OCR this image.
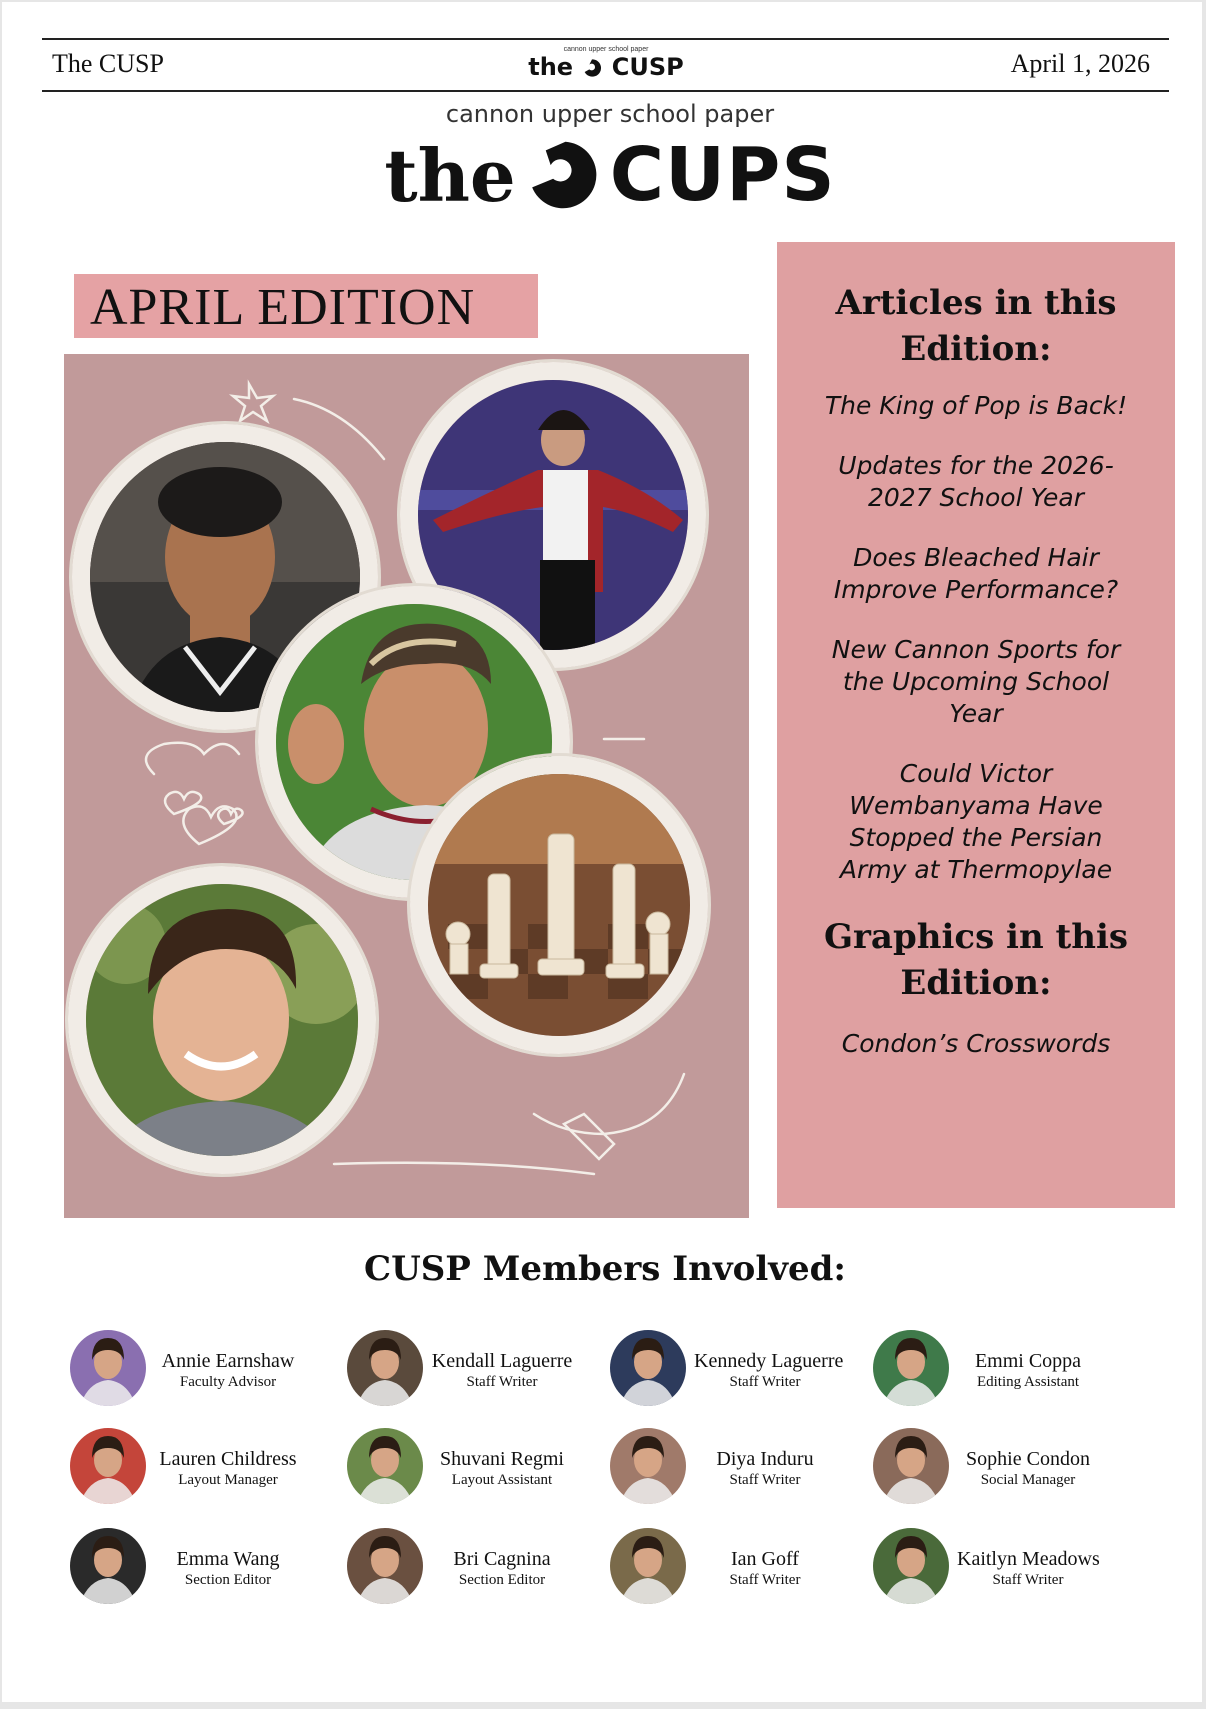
The CUSP	cannon upper school paper
the CUSP	April 1, 2026
cannon upper school paper
the CUPS
APRIL EDITION	Articles in this Edition:

The King of Pop is Back!

Updates for the 2026-2027 School Year

Does Bleached Hair Improve Performance?

New Cannon Sports for the Upcoming School Year

Could Victor Wembanyama Have Stopped the Persian Army at Thermopylae

Graphics in this Edition:

Condon’s Crosswords

CUSP Members Involved:
Annie Earnshaw
Faculty Advisor
Kendall Laguerre
Staff Writer
Kennedy Laguerre
Staff Writer
Emmi Coppa
Editing Assistant
Lauren Childress
Layout Manager
Shuvani Regmi
Layout Assistant
Diya Induru
Staff Writer
Sophie Condon
Social Manager
Emma Wang
Section Editor
Bri Cagnina
Section Editor
Ian Goff
Staff Writer
Kaitlyn Meadows
Staff Writer
